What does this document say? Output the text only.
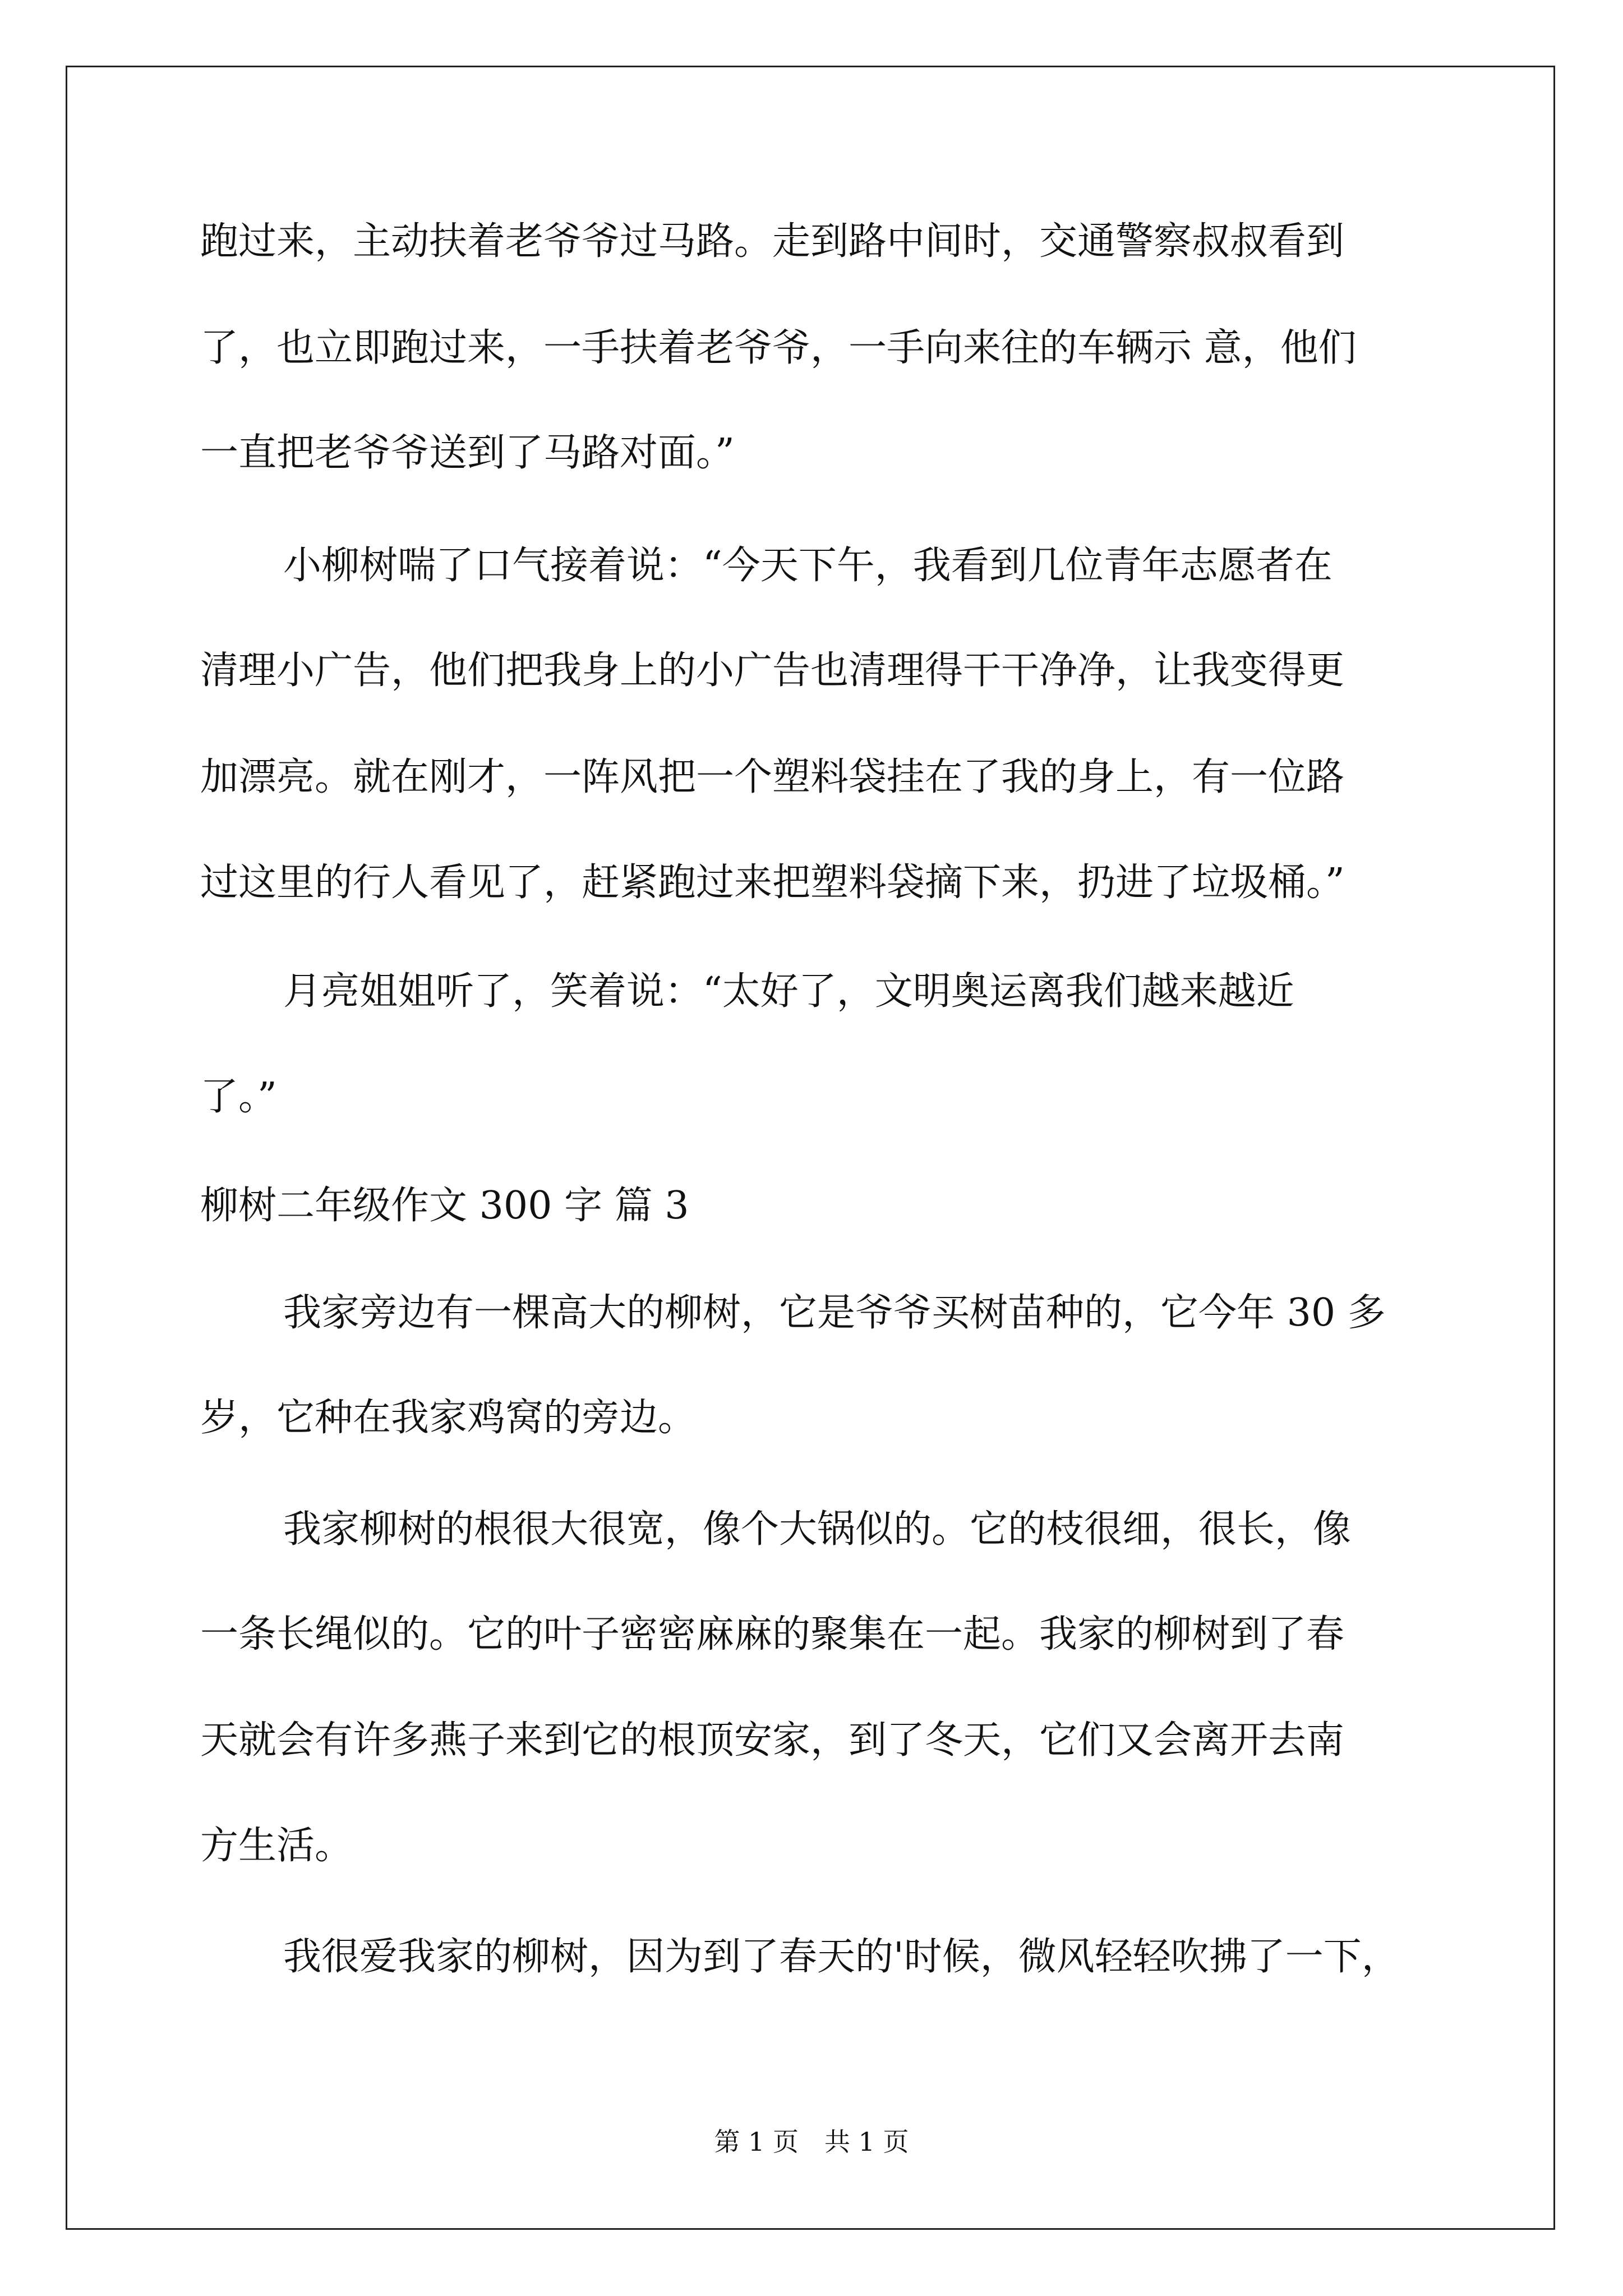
跑过来，主动扶着老爷爷过马路。走到路中间时，交通警察叔叔看到
了，也立即跑过来，一手扶着老爷爷，一手向来往的车辆示 意，他们
一直把老爷爷送到了马路对面。”
小柳树喘了口气接着说：“今天下午，我看到几位青年志愿者在
清理小广告，他们把我身上的小广告也清理得干干净净，让我变得更
加漂亮。就在刚才，一阵风把一个塑料袋挂在了我的身上，有一位路
过这里的行人看见了，赶紧跑过来把塑料袋摘下来，扔进了垃圾桶。”
月亮姐姐听了，笑着说：“太好了，文明奥运离我们越来越近
了。”
柳树二年级作文 300 字 篇 3
我家旁边有一棵高大的柳树，它是爷爷买树苗种的，它今年 30 多
岁，它种在我家鸡窝的旁边。
我家柳树的根很大很宽，像个大锅似的。它的枝很细，很长，像
一条长绳似的。它的叶子密密麻麻的聚集在一起。我家的柳树到了春
天就会有许多燕子来到它的根顶安家，到了冬天，它们又会离开去南
方生活。
我很爱我家的柳树，因为到了春天的'时候，微风轻轻吹拂了一下，
第 1 页　共 1 页
